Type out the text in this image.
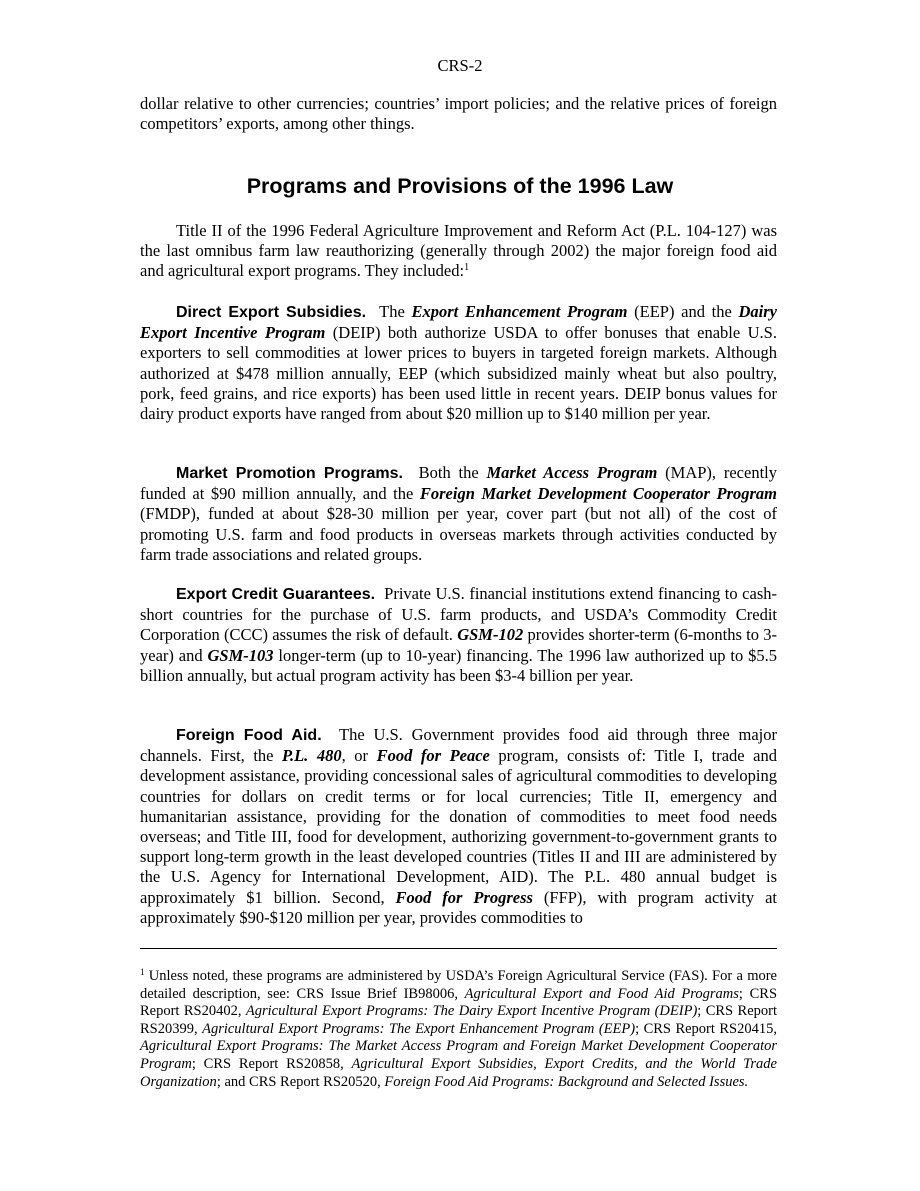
CRS-2

dollar relative to other currencies; countries’ import policies; and the relative prices of foreign competitors’ exports, among other things.

Programs and Provisions of the 1996 Law

Title II of the 1996 Federal Agriculture Improvement and Reform Act (P.L. 104-127) was the last omnibus farm law reauthorizing (generally through 2002) the major foreign food aid and agricultural export programs. They included:$^1$

Direct Export Subsidies. The Export Enhancement Program (EEP) and the Dairy Export Incentive Program (DEIP) both authorize USDA to offer bonuses that enable U.S. exporters to sell commodities at lower prices to buyers in targeted foreign markets. Although authorized at $478 million annually, EEP (which subsidized mainly wheat but also poultry, pork, feed grains, and rice exports) has been used little in recent years. DEIP bonus values for dairy product exports have ranged from about $20 million up to $140 million per year.

Market Promotion Programs. Both the Market Access Program (MAP), recently funded at $90 million annually, and the Foreign Market Development Cooperator Program (FMDP), funded at about $28-30 million per year, cover part (but not all) of the cost of promoting U.S. farm and food products in overseas markets through activities conducted by farm trade associations and related groups.

Export Credit Guarantees. Private U.S. financial institutions extend financing to cash-short countries for the purchase of U.S. farm products, and USDA’s Commodity Credit Corporation (CCC) assumes the risk of default. GSM-102 provides shorter-term (6-months to 3-year) and GSM-103 longer-term (up to 10-year) financing. The 1996 law authorized up to $5.5 billion annually, but actual program activity has been $3-4 billion per year.

Foreign Food Aid. The U.S. Government provides food aid through three major channels. First, the P.L. 480, or Food for Peace program, consists of: Title I, trade and development assistance, providing concessional sales of agricultural commodities to developing countries for dollars on credit terms or for local currencies; Title II, emergency and humanitarian assistance, providing for the donation of commodities to meet food needs overseas; and Title III, food for development, authorizing government-to-government grants to support long-term growth in the least developed countries (Titles II and III are administered by the U.S. Agency for International Development, AID). The P.L. 480 annual budget is approximately $1 billion. Second, Food for Progress (FFP), with program activity at approximately $90-$120 million per year, provides commodities to

$^1$ Unless noted, these programs are administered by USDA’s Foreign Agricultural Service (FAS). For a more detailed description, see: CRS Issue Brief IB98006, Agricultural Export and Food Aid Programs; CRS Report RS20402, Agricultural Export Programs: The Dairy Export Incentive Program (DEIP); CRS Report RS20399, Agricultural Export Programs: The Export Enhancement Program (EEP); CRS Report RS20415, Agricultural Export Programs: The Market Access Program and Foreign Market Development Cooperator Program; CRS Report RS20858, Agricultural Export Subsidies, Export Credits, and the World Trade Organization; and CRS Report RS20520, Foreign Food Aid Programs: Background and Selected Issues.
